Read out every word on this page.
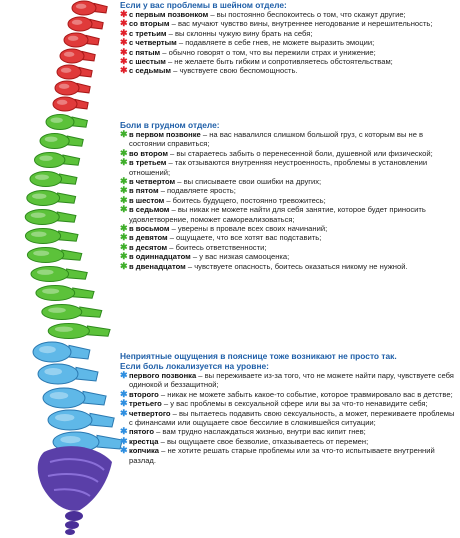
Если у вас проблемы в шейном отделе:
✱ с первым позвонком – вы постоянно беспокоитесь о том, что скажут другие;
✱ со вторым – вас мучают чувство вины, внутреннее негодование и нерешительность;
✱ с третьим – вы склонны чужую вину брать на себя;
✱ с четвертым – подавляете в себе гнев, не можете выразить эмоции;
✱ с пятым – обычно говорят о том, что вы пережили страх и унижение;
✱ с шестым – не желаете быть гибким и сопротивляетесь обстоятельствам;
✱ с седьмым – чувствуете свою беспомощность.
Боли в грудном отделе:
✱ в первом позвонке – на вас навалился слишком большой груз, с которым вы не в состоянии справиться;
✱ во втором – вы стараетесь забыть о перенесенной боли, душевной или физической;
✱ в третьем – так отзываются внутренняя неустроенность, проблемы в установлении отношений;
✱ в четвертом – вы списываете свои ошибки на других;
✱ в пятом – подавляете ярость;
✱ в шестом – боитесь будущего, постоянно тревожитесь;
✱ в седьмом – вы никак не можете найти для себя занятие, которое будет приносить удовлетворение, поможет самореализоваться;
✱ в восьмом – уверены в провале всех своих начинаний;
✱ в девятом – ощущаете, что все хотят вас подставить;
✱ в десятом – боитесь ответственности;
✱ в одиннадцатом – у вас низкая самооценка;
✱ в двенадцатом – чувствуете опасность, боитесь оказаться никому не нужной.
Неприятные ощущения в пояснице тоже возникают не просто так.
Если боль локализуется на уровне:
✱ первого позвонка – вы переживаете из-за того, что не можете найти пару, чувствуете себя одинокой и беззащитной;
✱ второго – никак не можете забыть какое-то событие, которое травмировало вас в детстве;
✱ третьего – у вас проблемы в сексуальной сфере или вы за что-то ненавидите себя;
✱ четвертого – вы пытаетесь подавить свою сексуальность, а может, переживаете проблемы с финансами или ощущаете свое бессилие в сложившейся ситуации;
✱ пятого – вам трудно наслаждаться жизнью, внутри вас кипит гнев;
✱ крестца – вы ощущаете свое безволие, отказываетесь от перемен;
✱ копчика – не хотите решать старые проблемы или за что-то испытываете внутренний разлад.
